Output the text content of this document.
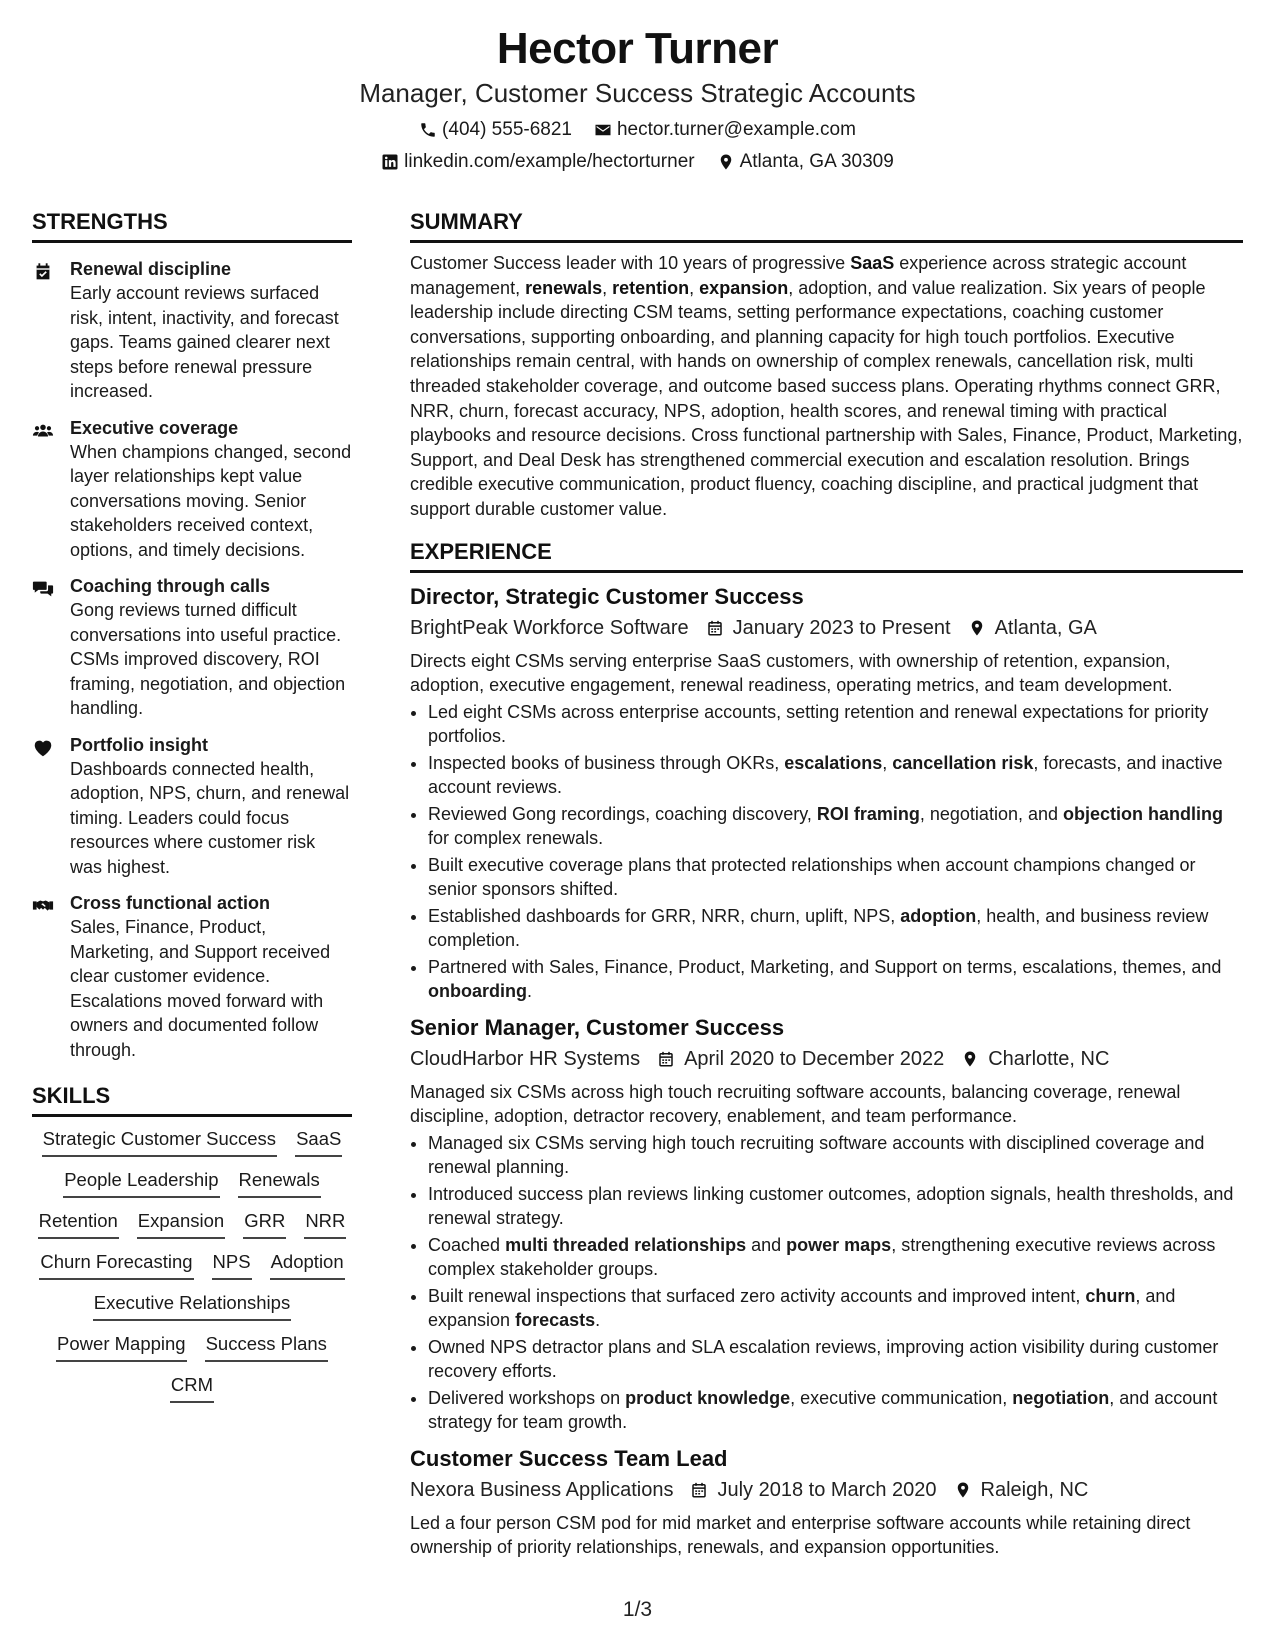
Hector Turner
Manager, Customer Success Strategic Accounts
(404) 555-6821 hector.turner@example.com
linkedin.com/example/hectorturner Atlanta, GA 30309
STRENGTHS
Renewal discipline
Early account reviews surfaced risk, intent, inactivity, and forecast gaps. Teams gained clearer next steps before renewal pressure increased.
Executive coverage
When champions changed, second layer relationships kept value conversations moving. Senior stakeholders received context, options, and timely decisions.
Coaching through calls
Gong reviews turned difficult conversations into useful practice. CSMs improved discovery, ROI framing, negotiation, and objection handling.
Portfolio insight
Dashboards connected health, adoption, NPS, churn, and renewal timing. Leaders could focus resources where customer risk was highest.
Cross functional action
Sales, Finance, Product, Marketing, and Support received clear customer evidence. Escalations moved forward with owners and documented follow through.
SKILLS
Strategic Customer Success SaaS
People Leadership Renewals
Retention Expansion GRR NRR
Churn Forecasting NPS Adoption
Executive Relationships
Power Mapping Success Plans
CRM
SUMMARY

Customer Success leader with 10 years of progressive SaaS experience across strategic account management, renewals, retention, expansion, adoption, and value realization. Six years of people leadership include directing CSM teams, setting performance expectations, coaching customer conversations, supporting onboarding, and planning capacity for high touch portfolios. Executive relationships remain central, with hands on ownership of complex renewals, cancellation risk, multi threaded stakeholder coverage, and outcome based success plans. Operating rhythms connect GRR, NRR, churn, forecast accuracy, NPS, adoption, health scores, and renewal timing with practical playbooks and resource decisions. Cross functional partnership with Sales, Finance, Product, Marketing, Support, and Deal Desk has strengthened commercial execution and escalation resolution. Brings credible executive communication, product fluency, coaching discipline, and practical judgment that support durable customer value.

EXPERIENCE
Director, Strategic Customer Success
BrightPeak Workforce Software January 2023 to Present Atlanta, GA

Directs eight CSMs serving enterprise SaaS customers, with ownership of retention, expansion, adoption, executive engagement, renewal readiness, operating metrics, and team development.

• Led eight CSMs across enterprise accounts, setting retention and renewal expectations for priority portfolios.
• Inspected books of business through OKRs, escalations, cancellation risk, forecasts, and inactive account reviews.
• Reviewed Gong recordings, coaching discovery, ROI framing, negotiation, and objection handling for complex renewals.
• Built executive coverage plans that protected relationships when account champions changed or senior sponsors shifted.
• Established dashboards for GRR, NRR, churn, uplift, NPS, adoption, health, and business review completion.
• Partnered with Sales, Finance, Product, Marketing, and Support on terms, escalations, themes, and onboarding.
Senior Manager, Customer Success
CloudHarbor HR Systems April 2020 to December 2022 Charlotte, NC

Managed six CSMs across high touch recruiting software accounts, balancing coverage, renewal discipline, adoption, detractor recovery, enablement, and team performance.

• Managed six CSMs serving high touch recruiting software accounts with disciplined coverage and renewal planning.
• Introduced success plan reviews linking customer outcomes, adoption signals, health thresholds, and renewal strategy.
• Coached multi threaded relationships and power maps, strengthening executive reviews across complex stakeholder groups.
• Built renewal inspections that surfaced zero activity accounts and improved intent, churn, and expansion forecasts.
• Owned NPS detractor plans and SLA escalation reviews, improving action visibility during customer recovery efforts.
• Delivered workshops on product knowledge, executive communication, negotiation, and account strategy for team growth.
Customer Success Team Lead
Nexora Business Applications July 2018 to March 2020 Raleigh, NC

Led a four person CSM pod for mid market and enterprise software accounts while retaining direct ownership of priority relationships, renewals, and expansion opportunities.

1/3
